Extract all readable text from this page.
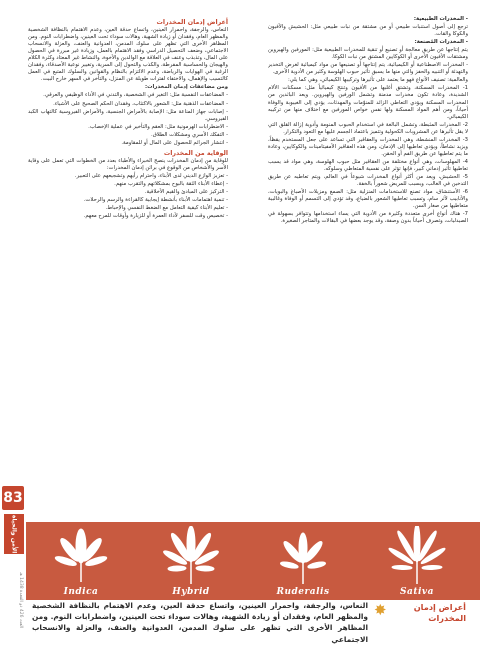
- المخدرات الطبيعية:

ترجع إلى أصول استنبات طبيعي أو من مشتقة من نبات طبيعي مثل: الحشيش والأفيون والكوكا والقات.

- المخدرات المُصنعة:

يتم إنتاجها عن طريق معالجة أو تصنيع أو تنقية للمخدرات الطبيعية مثل: المورفين والهيروين ومشتقات الأفيون الأخرى أو الكوكايين المشتق من نبات الكوكا.

- المخدرات الاصطناعية أو الكيميائية، يتم إنتاجها أو تصنيعها من مواد كيميائية لغرض التخدير والتهدئة أو التنبيه والحفز والتي منها ما يسبق تأثير حبوب الهلوسة وكثير من الأدوية الأخرى.

والعالمية: تصنيف الأنواع فهو ما يعتمد على تأثيرها وتركيبها الكيميائي، وهي كما يلي:

1- المخدرات المسكنة، وتشتق أغلبها من الأفيون وتنتج كيميائياً مثل: مسكنات الألام الشديدة، وعادة تكون مخدرات مدمنة وتشمل الورفين والهيروين. ويعد الباثدين من المخدرات المسكنة ويؤدي التعاطي الزائد للمنوّمات والمهدئات، يؤدي إلى الغيبوبة والوفاة أحياناً، ومن أهم المواد المسكنة ولها نفس خواص المورفين مع اختلاف منها من تركيبه الكيميائي.

2- المخدرات المثبطة، وتشمل البالغة في استخدام الحبوب المنومة وأدوية إزالة القلق التي لا يقل تأثيرها عن المشروبات الكحولية وتتميز باعتماد الجسم عليها مع التعود والتكرار.

3- المخدرات المنشطة، وهي المخدرات والعقاقير التي تساعد على جعل المستخدم يقظاً، ويزيد نشاطاً، ويؤدي تعاطيها إلى الإدمان، ومن هذه العقاقير الأمفيتامينات والكوكايين، وعادة ما يتم تعاطيها عن طريق الفم أو الحقن.

4- المهلوسات، وهي أنواع مختلفة من العقاقير مثل حبوب الهلوسة، وهي مواد قد يسبب تعاطيها تأثير إدماني كبير، فإنها تؤثر على نفسية المتعاطي وسلوكه.

5- الحشيش، ويعد من أكثر أنواع المخدرات شيوعاً في العالم، ويتم تعاطيه عن طريق التدخين في الغالب، ويسبب للمريض شعوراً بالخفة.

6- الأستنشاق، مواد تصنع للاستخدامات المنزلية مثل: الصمغ ومزيلات الأصباغ والبويات، والأنابيب لأثر سام، وتسبب تعاطيها الشعور بالضياع، وقد تؤدي إلى التسمم أو الوفاة وغالبية متعاطيها من صغار السن.

7- هناك أنواع أخرى متعددة وكثيرة من الأدوية التي يساء استخدامها وتتوافر بسهولة في الصيدليات، وتصرف أحياناً بدون وصفة، وقد يوجد بعضها في البقالات والمتاجر الصغيرة.

أعراض إدمان المخدرات

النعاس، والرجفة، واحمرار العينين، واتساع حدقة العين، وعدم الاهتمام بالنظافة الشخصية والمظهر العام، وفقدان أو زيادة الشهية، وهالات سوداء تحت العينين، واضطرابات النوم. ومن المظاهر الأخرى التي تظهر على سلوك المدمن، العدوانية والعنف، والعزلة والانسحاب الاجتماعي، وضعف التحصيل الدراسي وفقد الاهتمام بالعمل، وزيادة غير مبررة في الحصول على المال، وتذبذب وعنف في العلاقة مع الوالدين والأخوة، والنشاط غير المعتاد وكثرة الكلام والهيجان والحساسية المفرطة، والكذب والتحول إلى السرية، وتغيير نوعية الأصدقاء، وفقدان الرغبة في الهوايات والرياضة، وعدم الالتزام بالنظام والقوانين والسلوك المتبع في العمل كالتسيب والإهمال، والاختفاء لفترات طويلة عن المنزل، والتأخر في السهر خارج البيت.

ومن مضاعفات إدمان المخدرات:

- المضاعفات النفسية مثل: التغير في الشخصية، والتدني في الأداء الوظيفي والعرقي.

- المضاعفات الذهنية مثل: الشعور بالاكتئاب، وفقدان الحكم الصحيح على الأشياء.

- إصابات جهاز المناعة مثل: الإصابة بالأمراض الجنسية، والأمراض الفيروسية كالتهاب الكبد الفيروسي.

- الاضطرابات الهرمونية مثل: العقم والتأخير في عملية الإخصاب.

- التفكك الأسري ومشكلات الطلاق.

- انتشار الجرائم للحصول على المال أو للمقاومة.

الوقاية من المخدرات

للوقاية من إدمان المخدرات ينصح الخبراء والأطباء بعدد من الخطوات التي تعمل على وقاية الأسر والأشخاص من الوقوع في براثن إدمان المخدرات:

- تعزيز الوازع الديني لدى الأبناء، واحترام رأيهم وتشجيعهم على التعبير.

- إعطاء الأبناء الثقة بالبوح بمشكلاتهم والتقرب منهم.

- التركيز على المبادئ والقيم الأخلاقية.

- تنمية اهتمامات الأبناء بأنشطة إيجابية كالقراءة والرسم والرحلات.

- تعليم الأبناء كيفية التعامل مع الضغط النفسي والإحباط.

- تخصيص وقت للسفر لأداء العمرة أو للزيارة وأوقات للمرح معهم.

83
الأمن والحياة
العدد 426 ذو القعدة 1438 هـ
Indica	Hybrid	Ruderalis	Sativa
أعراض إدمان المخدرات
✸
النعاس، والرجفة، واحمرار العينين، واتساع حدقة العين، وعدم الاهتمام بالنظافة الشخصية والمظهر العام، وفقدان أو زيادة الشهية، وهالات سوداء تحت العينين، واضطرابات النوم. ومن المظاهر الأخرى التي تظهر على سلوك المدمن، العدوانية والعنف، والعزلة والانسحاب الاجتماعي
